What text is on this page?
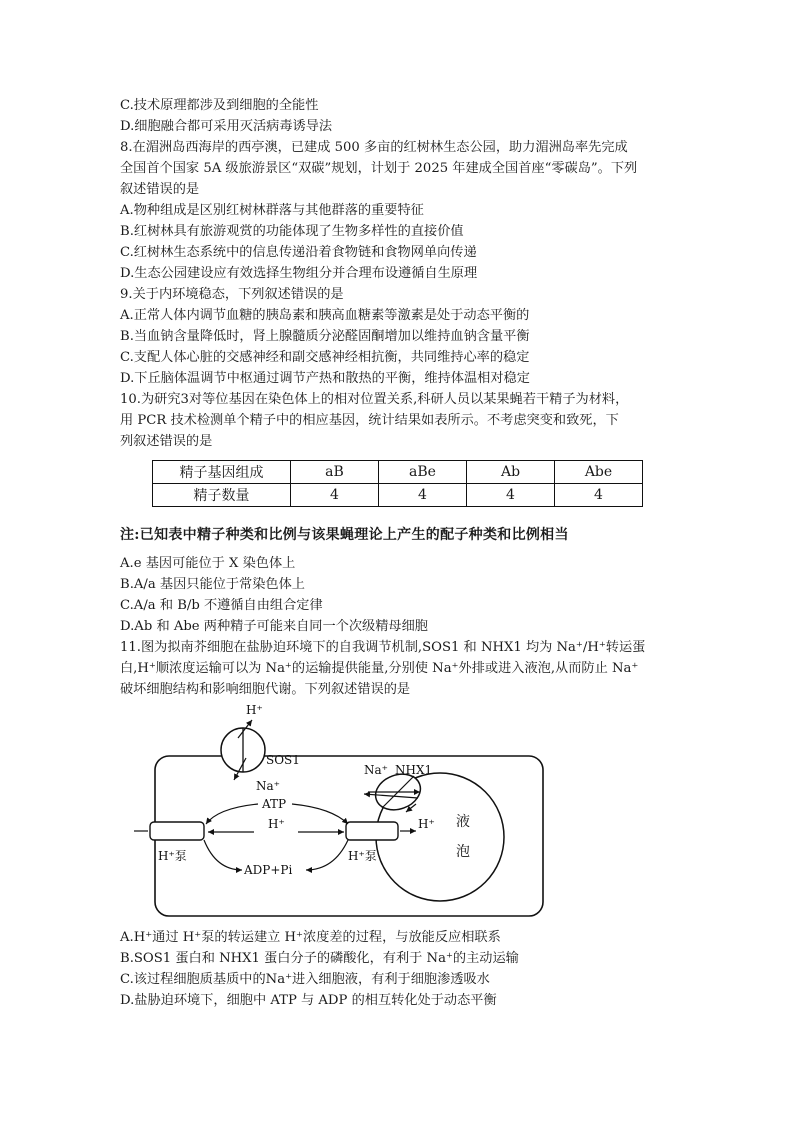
C.技术原理都涉及到细胞的全能性
D.细胞融合都可采用灭活病毒诱导法
8.在湄洲岛西海岸的西亭澳，已建成 500 多亩的红树林生态公园，助力湄洲岛率先完成
全国首个国家 5A 级旅游景区“双碳”规划，计划于 2025 年建成全国首座“零碳岛”。下列
叙述错误的是
A.物种组成是区别红树林群落与其他群落的重要特征
B.红树林具有旅游观赏的功能体现了生物多样性的直接价值
C.红树林生态系统中的信息传递沿着食物链和食物网单向传递
D.生态公园建设应有效选择生物组分并合理布设遵循自生原理
9.关于内环境稳态，下列叙述错误的是
A.正常人体内调节血糖的胰岛素和胰高血糖素等激素是处于动态平衡的
B.当血钠含量降低时，肾上腺髓质分泌醛固酮增加以维持血钠含量平衡
C.支配人体心脏的交感神经和副交感神经相抗衡，共同维持心率的稳定
D.下丘脑体温调节中枢通过调节产热和散热的平衡，维持体温相对稳定
10.为研究3对等位基因在染色体上的相对位置关系,科研人员以某果蝇若干精子为材料，
用 PCR 技术检测单个精子中的相应基因，统计结果如表所示。不考虑突变和致死，下
列叙述错误的是
精子基因组成	aB	aBe	Ab	Abe
精子数量	4	4	4	4
注:已知表中精子种类和比例与该果蝇理论上产生的配子种类和比例相当
A.e 基因可能位于 X 染色体上
B.A/a 基因只能位于常染色体上
C.A/a 和 B/b 不遵循自由组合定律
D.Ab 和 Abe 两种精子可能来自同一个次级精母细胞
11.图为拟南芥细胞在盐胁迫环境下的自我调节机制,SOS1 和 NHX1 均为 Na⁺/H⁺转运蛋
白,H⁺顺浓度运输可以为 Na⁺的运输提供能量,分别使 Na⁺外排或进入液泡,从而防止 Na⁺
破坏细胞结构和影响细胞代谢。下列叙述错误的是
H⁺
SOS1
Na⁺
Na⁺ NHX1
H⁺ 液
泡
H⁺泵	H⁺泵
ATP
ADP+Pi
H⁺
A.H⁺通过 H⁺泵的转运建立 H⁺浓度差的过程，与放能反应相联系
B.SOS1 蛋白和 NHX1 蛋白分子的磷酸化，有利于 Na⁺的主动运输
C.该过程细胞质基质中的Na⁺进入细胞液，有利于细胞渗透吸水
D.盐胁迫环境下，细胞中 ATP 与 ADP 的相互转化处于动态平衡
